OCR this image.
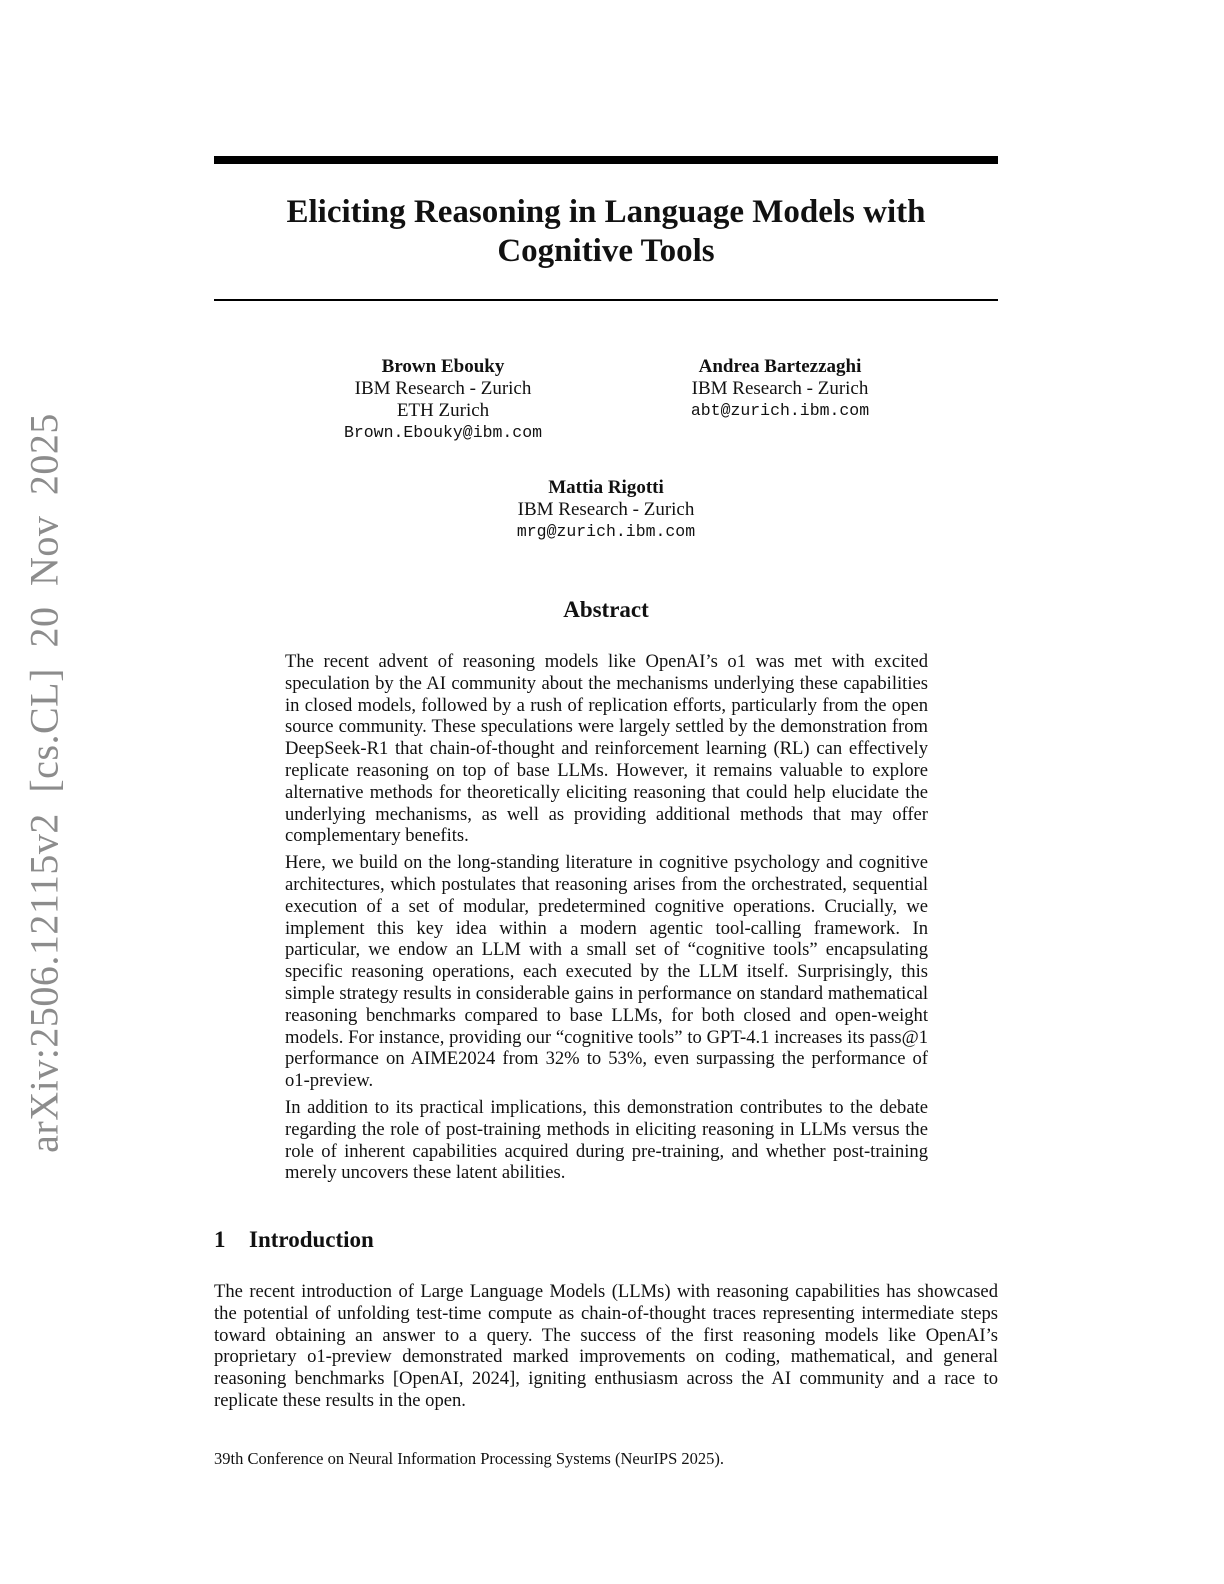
arXiv:2506.12115v2 [cs.CL] 20 Nov 2025
Eliciting Reasoning in Language Models with
Cognitive Tools
Brown Ebouky
IBM Research - Zurich
ETH Zurich
Brown.Ebouky@ibm.com
Andrea Bartezzaghi
IBM Research - Zurich
abt@zurich.ibm.com
Mattia Rigotti
IBM Research - Zurich
mrg@zurich.ibm.com
Abstract

The recent advent of reasoning models like OpenAI’s o1 was met with excited speculation by the AI community about the mechanisms underlying these capabilities in closed models, followed by a rush of replication efforts, particularly from the open source community. These speculations were largely settled by the demonstration from DeepSeek-R1 that chain-of-thought and reinforcement learning (RL) can effectively replicate reasoning on top of base LLMs. However, it remains valuable to explore alternative methods for theoretically eliciting reasoning that could help elucidate the underlying mechanisms, as well as providing additional methods that may offer complementary benefits.

Here, we build on the long-standing literature in cognitive psychology and cognitive architectures, which postulates that reasoning arises from the orchestrated, sequential execution of a set of modular, predetermined cognitive operations. Crucially, we implement this key idea within a modern agentic tool-calling framework. In particular, we endow an LLM with a small set of “cognitive tools” encapsulating specific reasoning operations, each executed by the LLM itself. Surprisingly, this simple strategy results in considerable gains in performance on standard mathematical reasoning benchmarks compared to base LLMs, for both closed and open-weight models. For instance, providing our “cognitive tools” to GPT-4.1 increases its pass@1 performance on AIME2024 from 32% to 53%, even surpassing the performance of o1-preview.

In addition to its practical implications, this demonstration contributes to the debate regarding the role of post-training methods in eliciting reasoning in LLMs versus the role of inherent capabilities acquired during pre-training, and whether post-training merely uncovers these latent abilities.

1 Introduction

The recent introduction of Large Language Models (LLMs) with reasoning capabilities has showcased the potential of unfolding test-time compute as chain-of-thought traces representing intermediate steps toward obtaining an answer to a query. The success of the first reasoning models like OpenAI’s proprietary o1-preview demonstrated marked improvements on coding, mathematical, and general reasoning benchmarks [OpenAI, 2024], igniting enthusiasm across the AI community and a race to replicate these results in the open.

39th Conference on Neural Information Processing Systems (NeurIPS 2025).
